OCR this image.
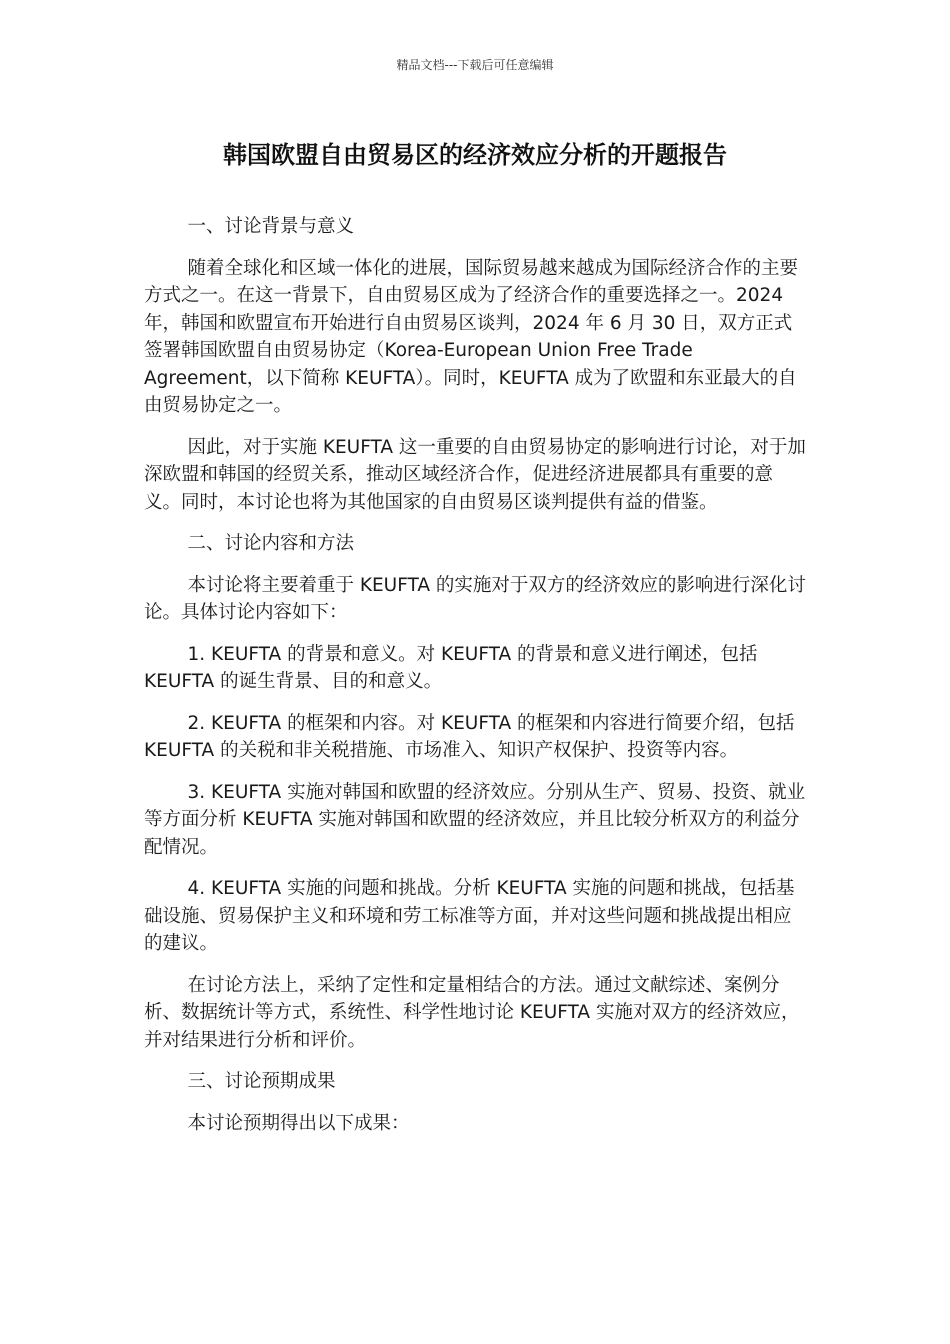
精品文档---下载后可任意编辑
韩国欧盟自由贸易区的经济效应分析的开题报告

一、讨论背景与意义

随着全球化和区域一体化的进展，国际贸易越来越成为国际经济合作的主要方式之一。在这一背景下，自由贸易区成为了经济合作的重要选择之一。2024 年，韩国和欧盟宣布开始进行自由贸易区谈判，2024 年 6 月 30 日，双方正式签署韩国欧盟自由贸易协定（Korea-European Union Free Trade Agreement，以下简称 KEUFTA）。同时，KEUFTA 成为了欧盟和东亚最大的自由贸易协定之一。

因此，对于实施 KEUFTA 这一重要的自由贸易协定的影响进行讨论，对于加深欧盟和韩国的经贸关系，推动区域经济合作，促进经济进展都具有重要的意义。同时，本讨论也将为其他国家的自由贸易区谈判提供有益的借鉴。

二、讨论内容和方法

本讨论将主要着重于 KEUFTA 的实施对于双方的经济效应的影响进行深化讨论。具体讨论内容如下：

1. KEUFTA 的背景和意义。对 KEUFTA 的背景和意义进行阐述，包括 KEUFTA 的诞生背景、目的和意义。

2. KEUFTA 的框架和内容。对 KEUFTA 的框架和内容进行简要介绍，包括 KEUFTA 的关税和非关税措施、市场准入、知识产权保护、投资等内容。

3. KEUFTA 实施对韩国和欧盟的经济效应。分别从生产、贸易、投资、就业等方面分析 KEUFTA 实施对韩国和欧盟的经济效应，并且比较分析双方的利益分配情况。

4. KEUFTA 实施的问题和挑战。分析 KEUFTA 实施的问题和挑战，包括基础设施、贸易保护主义和环境和劳工标准等方面，并对这些问题和挑战提出相应的建议。

在讨论方法上，采纳了定性和定量相结合的方法。通过文献综述、案例分析、数据统计等方式，系统性、科学性地讨论 KEUFTA 实施对双方的经济效应，并对结果进行分析和评价。

三、讨论预期成果

本讨论预期得出以下成果：
